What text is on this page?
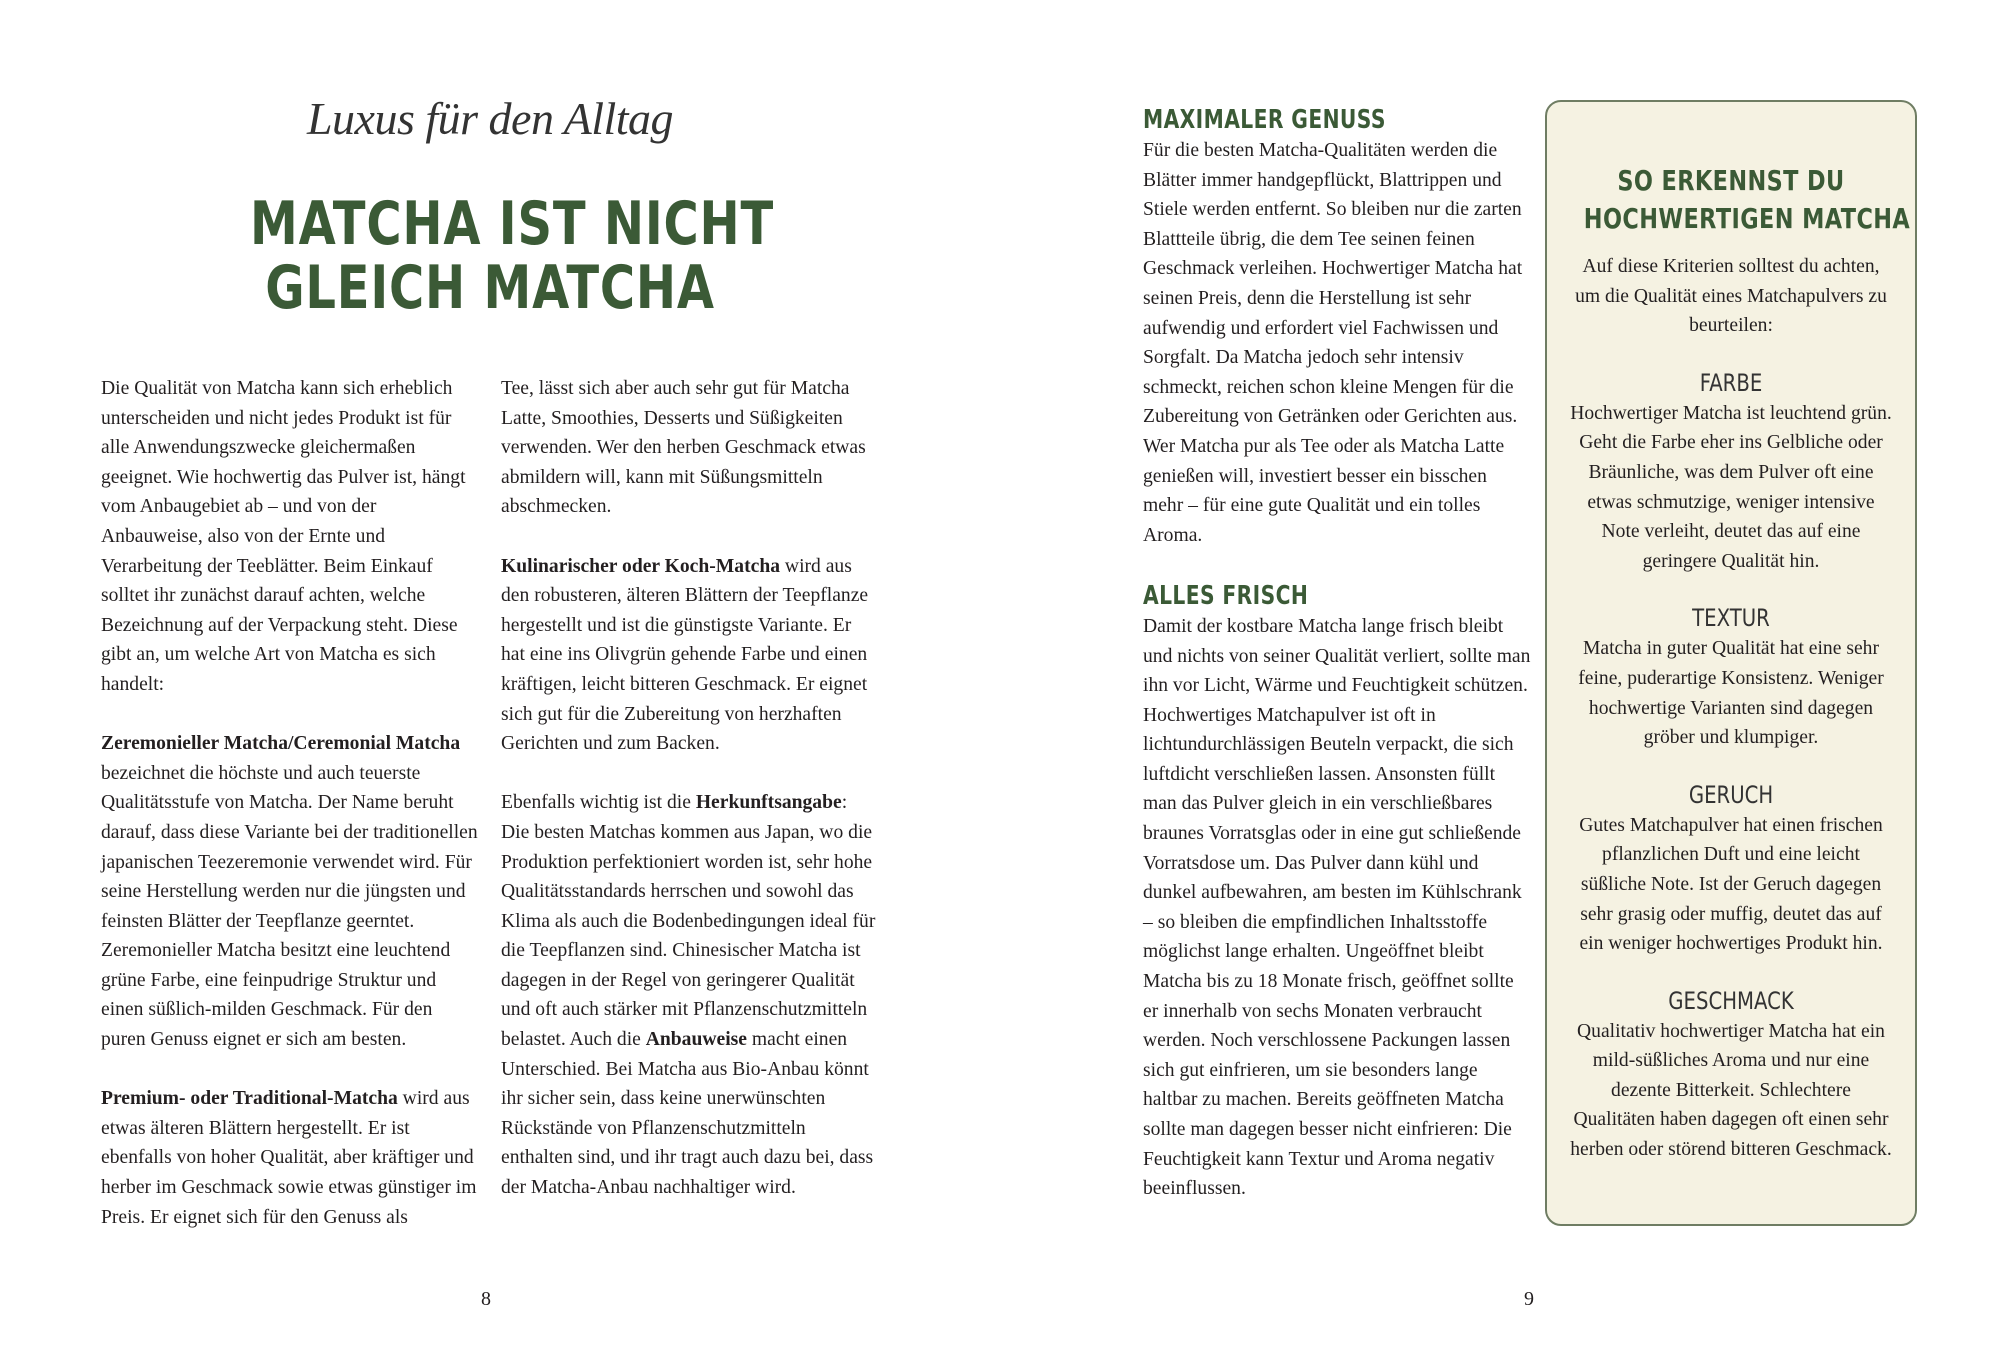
Luxus für den Alltag
MATCHA IST NICHT
GLEICH MATCHA

Die Qualität von Matcha kann sich erheblich unterscheiden und nicht jedes Produkt ist für alle Anwendungszwecke gleichermaßen geeignet. Wie hochwertig das Pulver ist, hängt vom Anbaugebiet ab – und von der Anbauweise, also von der Ernte und Verarbeitung der Teeblätter. Beim Einkauf solltet ihr zunächst darauf achten, welche Bezeichnung auf der Verpackung steht. Diese gibt an, um welche Art von Matcha es sich handelt:

Zeremonieller Matcha/Ceremonial Matcha bezeichnet die höchste und auch teuerste Qualitätsstufe von Matcha. Der Name beruht darauf, dass diese Variante bei der traditionellen japanischen Teezeremonie verwendet wird. Für seine Herstellung werden nur die jüngsten und feinsten Blätter der Teepflanze geerntet. Zeremonieller Matcha besitzt eine leuchtend grüne Farbe, eine feinpudrige Struktur und einen süßlich-milden Geschmack. Für den puren Genuss eignet er sich am besten.

Premium- oder Traditional-Matcha wird aus etwas älteren Blättern hergestellt. Er ist ebenfalls von hoher Qualität, aber kräftiger und herber im Geschmack sowie etwas günstiger im Preis. Er eignet sich für den Genuss als

Tee, lässt sich aber auch sehr gut für Matcha Latte, Smoothies, Desserts und Süßigkeiten verwenden. Wer den herben Geschmack etwas abmildern will, kann mit Süßungsmitteln abschmecken.

Kulinarischer oder Koch-Matcha wird aus den robusteren, älteren Blättern der Teepflanze hergestellt und ist die günstigste Variante. Er hat eine ins Olivgrün gehende Farbe und einen kräftigen, leicht bitteren Geschmack. Er eignet sich gut für die Zubereitung von herzhaften Gerichten und zum Backen.

Ebenfalls wichtig ist die Herkunftsangabe: Die besten Matchas kommen aus Japan, wo die Produktion perfektioniert worden ist, sehr hohe Qualitätsstandards herrschen und sowohl das Klima als auch die Bodenbedingungen ideal für die Teepflanzen sind. Chinesischer Matcha ist dagegen in der Regel von geringerer Qualität und oft auch stärker mit Pflanzenschutzmitteln belastet. Auch die Anbauweise macht einen Unterschied. Bei Matcha aus Bio-Anbau könnt ihr sicher sein, dass keine unerwünschten Rückstände von Pflanzenschutzmitteln enthalten sind, und ihr tragt auch dazu bei, dass der Matcha-Anbau nachhaltiger wird.

8
MAXIMALER GENUSS
Für die besten Matcha-Qualitäten werden die Blätter immer handgepflückt, Blattrippen und Stiele werden entfernt. So bleiben nur die zarten Blattteile übrig, die dem Tee seinen feinen Geschmack verleihen. Hochwertiger Matcha hat seinen Preis, denn die Herstellung ist sehr aufwendig und erfordert viel Fachwissen und Sorgfalt. Da Matcha jedoch sehr intensiv schmeckt, reichen schon kleine Mengen für die Zubereitung von Getränken oder Gerichten aus. Wer Matcha pur als Tee oder als Matcha Latte genießen will, investiert besser ein bisschen mehr – für eine gute Qualität und ein tolles Aroma.
ALLES FRISCH
Damit der kostbare Matcha lange frisch bleibt und nichts von seiner Qualität verliert, sollte man ihn vor Licht, Wärme und Feuchtigkeit schützen. Hochwertiges Matchapulver ist oft in lichtundurchlässigen Beuteln verpackt, die sich luftdicht verschließen lassen. Ansonsten füllt man das Pulver gleich in ein verschließbares braunes Vorratsglas oder in eine gut schließende Vorratsdose um. Das Pulver dann kühl und dunkel aufbewahren, am besten im Kühlschrank – so bleiben die empfindlichen Inhaltsstoffe möglichst lange erhalten. Ungeöffnet bleibt Matcha bis zu 18 Monate frisch, geöffnet sollte er innerhalb von sechs Monaten verbraucht werden. Noch verschlossene Packungen lassen sich gut einfrieren, um sie besonders lange haltbar zu machen. Bereits geöffneten Matcha sollte man dagegen besser nicht einfrieren: Die Feuchtigkeit kann Textur und Aroma negativ beeinflussen.
SO ERKENNST DU
HOCHWERTIGEN MATCHA
Auf diese Kriterien solltest du achten, um die Qualität eines Matchapulvers zu beurteilen:
FARBE
Hochwertiger Matcha ist leuchtend grün. Geht die Farbe eher ins Gelbliche oder Bräunliche, was dem Pulver oft eine etwas schmutzige, weniger intensive Note verleiht, deutet das auf eine geringere Qualität hin.
TEXTUR
Matcha in guter Qualität hat eine sehr feine, puderartige Konsistenz. Weniger hochwertige Varianten sind dagegen gröber und klumpiger.
GERUCH
Gutes Matchapulver hat einen frischen pflanzlichen Duft und eine leicht süßliche Note. Ist der Geruch dagegen sehr grasig oder muffig, deutet das auf ein weniger hochwertiges Produkt hin.
GESCHMACK
Qualitativ hochwertiger Matcha hat ein mild-süßliches Aroma und nur eine dezente Bitterkeit. Schlechtere Qualitäten haben dagegen oft einen sehr herben oder störend bitteren Geschmack.
9
